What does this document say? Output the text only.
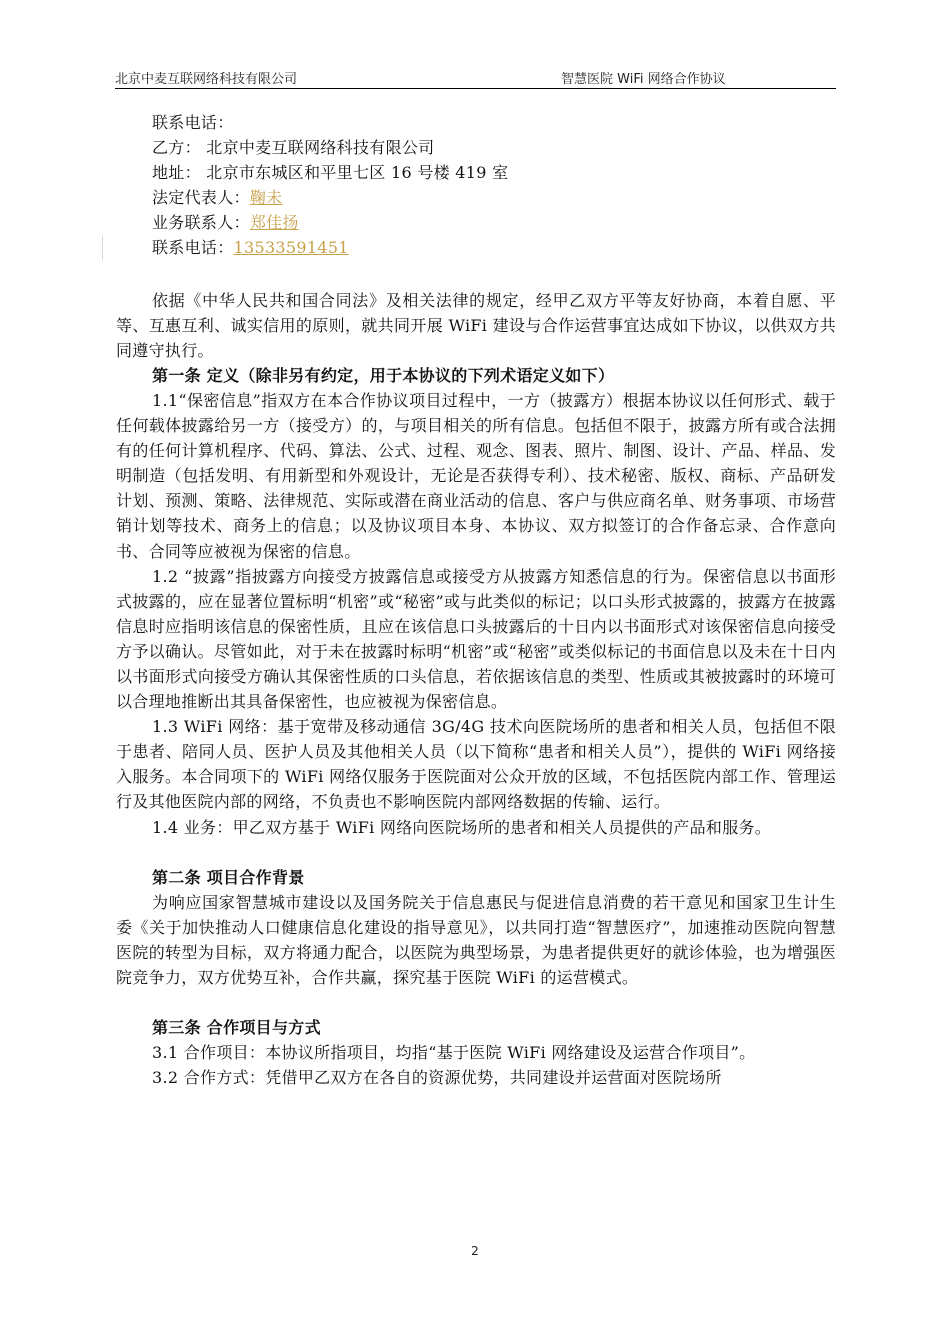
北京中麦互联网络科技有限公司	智慧医院 WiFi 网络合作协议

联系电话：

乙方： 北京中麦互联网络科技有限公司

地址： 北京市东城区和平里七区 16 号楼 419 室

法定代表人：鞠未

业务联系人：郑佳扬

联系电话：13533591451

依据《中华人民共和国合同法》及相关法律的规定，经甲乙双方平等友好协商，本着自愿、平等、互惠互利、诚实信用的原则，就共同开展 WiFi 建设与合作运营事宜达成如下协议，以供双方共同遵守执行。

第一条 定义（除非另有约定，用于本协议的下列术语定义如下）

1.1“保密信息”指双方在本合作协议项目过程中，一方（披露方）根据本协议以任何形式、载于任何载体披露给另一方（接受方）的，与项目相关的所有信息。包括但不限于，披露方所有或合法拥有的任何计算机程序、代码、算法、公式、过程、观念、图表、照片、制图、设计、产品、样品、发明制造（包括发明、有用新型和外观设计，无论是否获得专利）、技术秘密、版权、商标、产品研发计划、预测、策略、法律规范、实际或潜在商业活动的信息、客户与供应商名单、财务事项、市场营销计划等技术、商务上的信息；以及协议项目本身、本协议、双方拟签订的合作备忘录、合作意向书、合同等应被视为保密的信息。

1.2 “披露”指披露方向接受方披露信息或接受方从披露方知悉信息的行为。保密信息以书面形式披露的，应在显著位置标明“机密”或“秘密”或与此类似的标记；以口头形式披露的，披露方在披露信息时应指明该信息的保密性质，且应在该信息口头披露后的十日内以书面形式对该保密信息向接受方予以确认。尽管如此，对于未在披露时标明“机密”或“秘密”或类似标记的书面信息以及未在十日内以书面形式向接受方确认其保密性质的口头信息，若依据该信息的类型、性质或其被披露时的环境可以合理地推断出其具备保密性，也应被视为保密信息。

1.3 WiFi 网络：基于宽带及移动通信 3G/4G 技术向医院场所的患者和相关人员，包括但不限于患者、陪同人员、医护人员及其他相关人员（以下简称“患者和相关人员”），提供的 WiFi 网络接入服务。本合同项下的 WiFi 网络仅服务于医院面对公众开放的区域，不包括医院内部工作、管理运行及其他医院内部的网络，不负责也不影响医院内部网络数据的传输、运行。

1.4 业务：甲乙双方基于 WiFi 网络向医院场所的患者和相关人员提供的产品和服务。

第二条 项目合作背景

为响应国家智慧城市建设以及国务院关于信息惠民与促进信息消费的若干意见和国家卫生计生委《关于加快推动人口健康信息化建设的指导意见》，以共同打造“智慧医疗”，加速推动医院向智慧医院的转型为目标，双方将通力配合，以医院为典型场景，为患者提供更好的就诊体验，也为增强医院竞争力，双方优势互补，合作共赢，探究基于医院 WiFi 的运营模式。

第三条 合作项目与方式

3.1 合作项目：本协议所指项目，均指“基于医院 WiFi 网络建设及运营合作项目”。

3.2 合作方式：凭借甲乙双方在各自的资源优势，共同建设并运营面对医院场所

2
